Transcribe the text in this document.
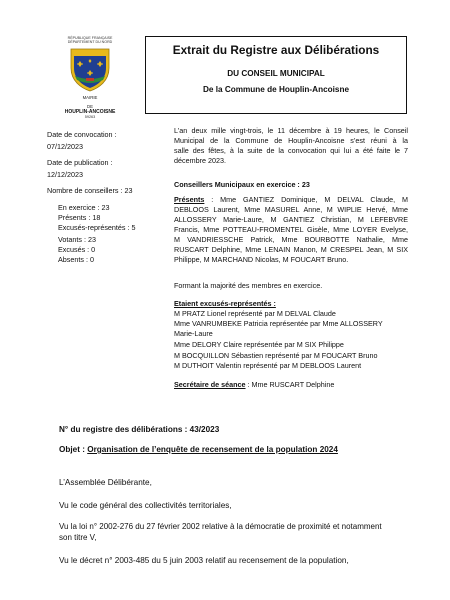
RÉPUBLIQUE FRANÇAISE
DÉPARTEMENT DU NORD
MAIRIE
DE
HOUPLIN-ANCOISNE
59263
Extrait du Registre aux Délibérations
DU CONSEIL MUNICIPAL
De la Commune de Houplin-Ancoisne
Date de convocation :
07/12/2023
Date de publication :
12/12/2023
Nombre de conseillers : 23
En exercice : 23
Présents : 18
Excusés-représentés : 5
Votants : 23
Excusés : 0
Absents : 0
L’an deux mille vingt-trois, le 11 décembre à 19 heures, le Conseil
Municipal de la Commune de Houplin-Ancoisne s’est réuni à la
salle des fêtes, à la suite de la convocation qui lui a été faite le 7
décembre 2023.
Conseillers Municipaux en exercice : 23
Présents : Mme GANTIEZ Dominique, M DELVAL Claude, M
DEBLOOS Laurent, Mme MASUREL Anne, M WIPLIE Hervé, Mme
ALLOSSERY Marie-Laure, M GANTIEZ Christian, M LEFEBVRE
Francis, Mme POTTEAU-FROMENTEL Gisèle, Mme LOYER Evelyse,
M VANDRIESSCHE Patrick, Mme BOURBOTTE Nathalie, Mme
RUSCART Delphine, Mme LENAIN Manon, M CRESPEL Jean, M SIX
Philippe, M MARCHAND Nicolas, M FOUCART Bruno.
Formant la majorité des membres en exercice.
Etaient excusés-représentés :
M PRATZ Lionel représenté par M DELVAL Claude
Mme VANRUMBEKE Patricia représentée par Mme ALLOSSERY
Marie-Laure
Mme DELORY Claire représentée par M SIX Philippe
M BOCQUILLON Sébastien représenté par M FOUCART Bruno
M DUTHOIT Valentin représenté par M DEBLOOS Laurent
Secrétaire de séance : Mme RUSCART Delphine
N° du registre des délibérations : 43/2023
Objet : Organisation de l’enquête de recensement de la population 2024
L’Assemblée Délibérante,
Vu le code général des collectivités territoriales,
Vu la loi n° 2002-276 du 27 février 2002 relative à la démocratie de proximité et notamment
son titre V,
Vu le décret n° 2003-485 du 5 juin 2003 relatif au recensement de la population,
